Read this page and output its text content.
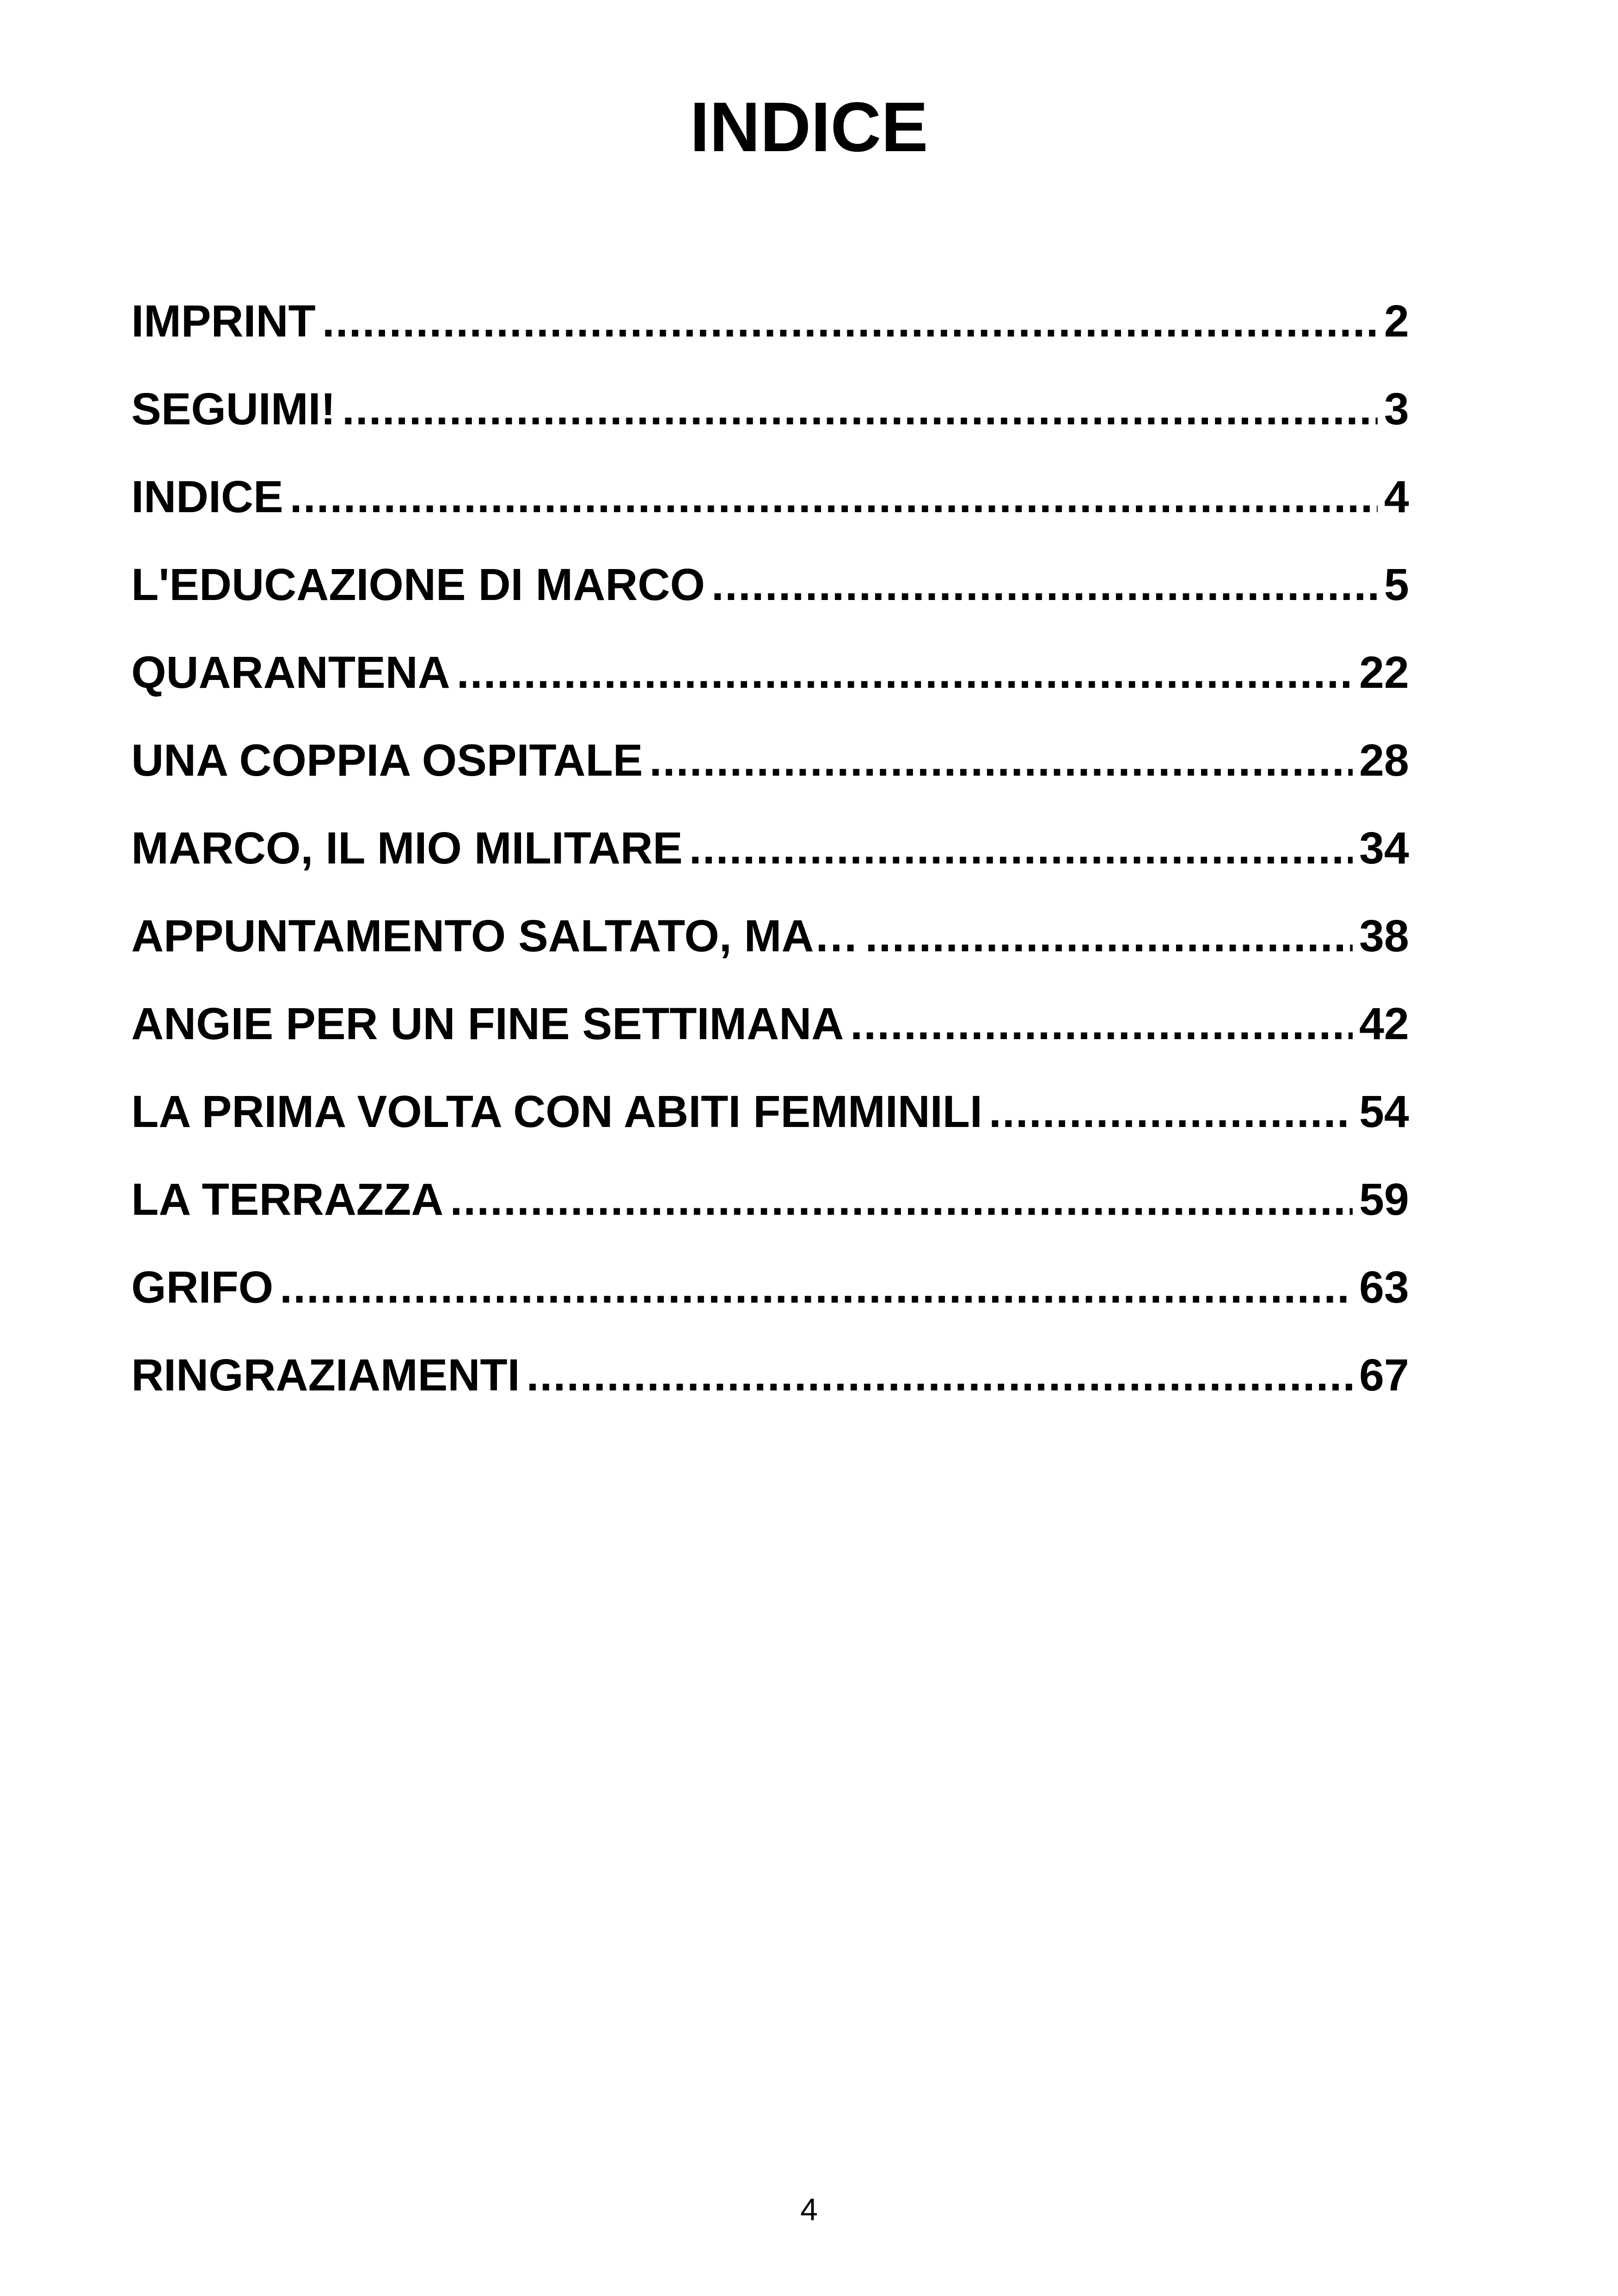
INDICE
IMPRINT .....	2
SEGUIMI! .....	3
INDICE .....	4
L'EDUCAZIONE DI MARCO .....	5
QUARANTENA .....	22
UNA COPPIA OSPITALE .....	28
MARCO, IL MIO MILITARE .....	34
APPUNTAMENTO SALTATO, MA… .....	38
ANGIE PER UN FINE SETTIMANA .....	42
LA PRIMA VOLTA CON ABITI FEMMINILI .....	54
LA TERRAZZA .....	59
GRIFO .....	63
RINGRAZIAMENTI .....	67
4
